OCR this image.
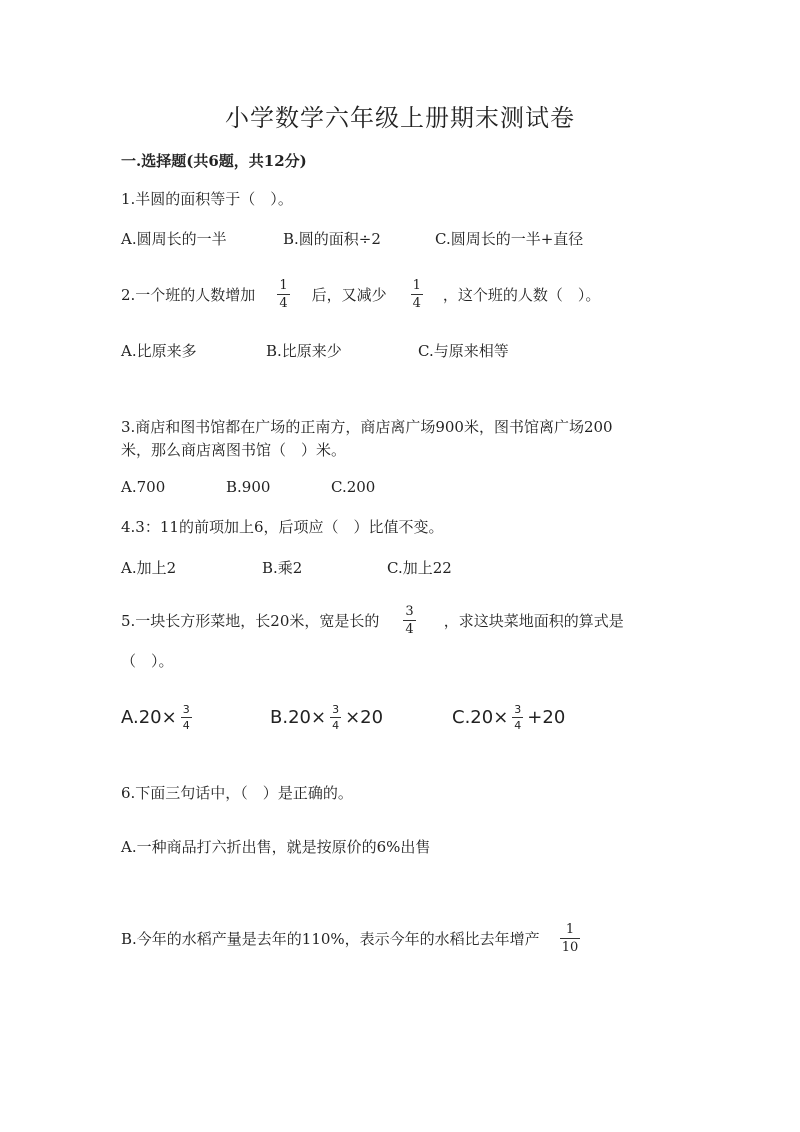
小学数学六年级上册期末测试卷
一.选择题(共6题，共12分)
1.半圆的面积等于（　）。
A.圆周长的一半	B.圆的面积÷2	C.圆周长的一半+直径
2.一个班的人数增加 $\frac{1}{4}$ 后，又减少 $\frac{1}{4}$ ，这个班的人数（　）。
A.比原来多	B.比原来少	C.与原来相等
3.商店和图书馆都在广场的正南方，商店离广场900米，图书馆离广场200
米，那么商店离图书馆（　）米。
A.700	B.900	C.200
4.3：11的前项加上6，后项应（　）比值不变。
A.加上2	B.乘2	C.加上22
5.一块长方形菜地，长20米，宽是长的 $\frac{3}{4}$ ，求这块菜地面积的算式是
（　）。
$A.20\times \frac{3}{4}$	$B.20\times \frac{3}{4} \times 20$	$C.20\times \frac{3}{4} +20$
6.下面三句话中，（　）是正确的。
A.一种商品打六折出售，就是按原价的6%出售
B.今年的水稻产量是去年的110%，表示今年的水稻比去年增产 $\frac{1}{10}$
